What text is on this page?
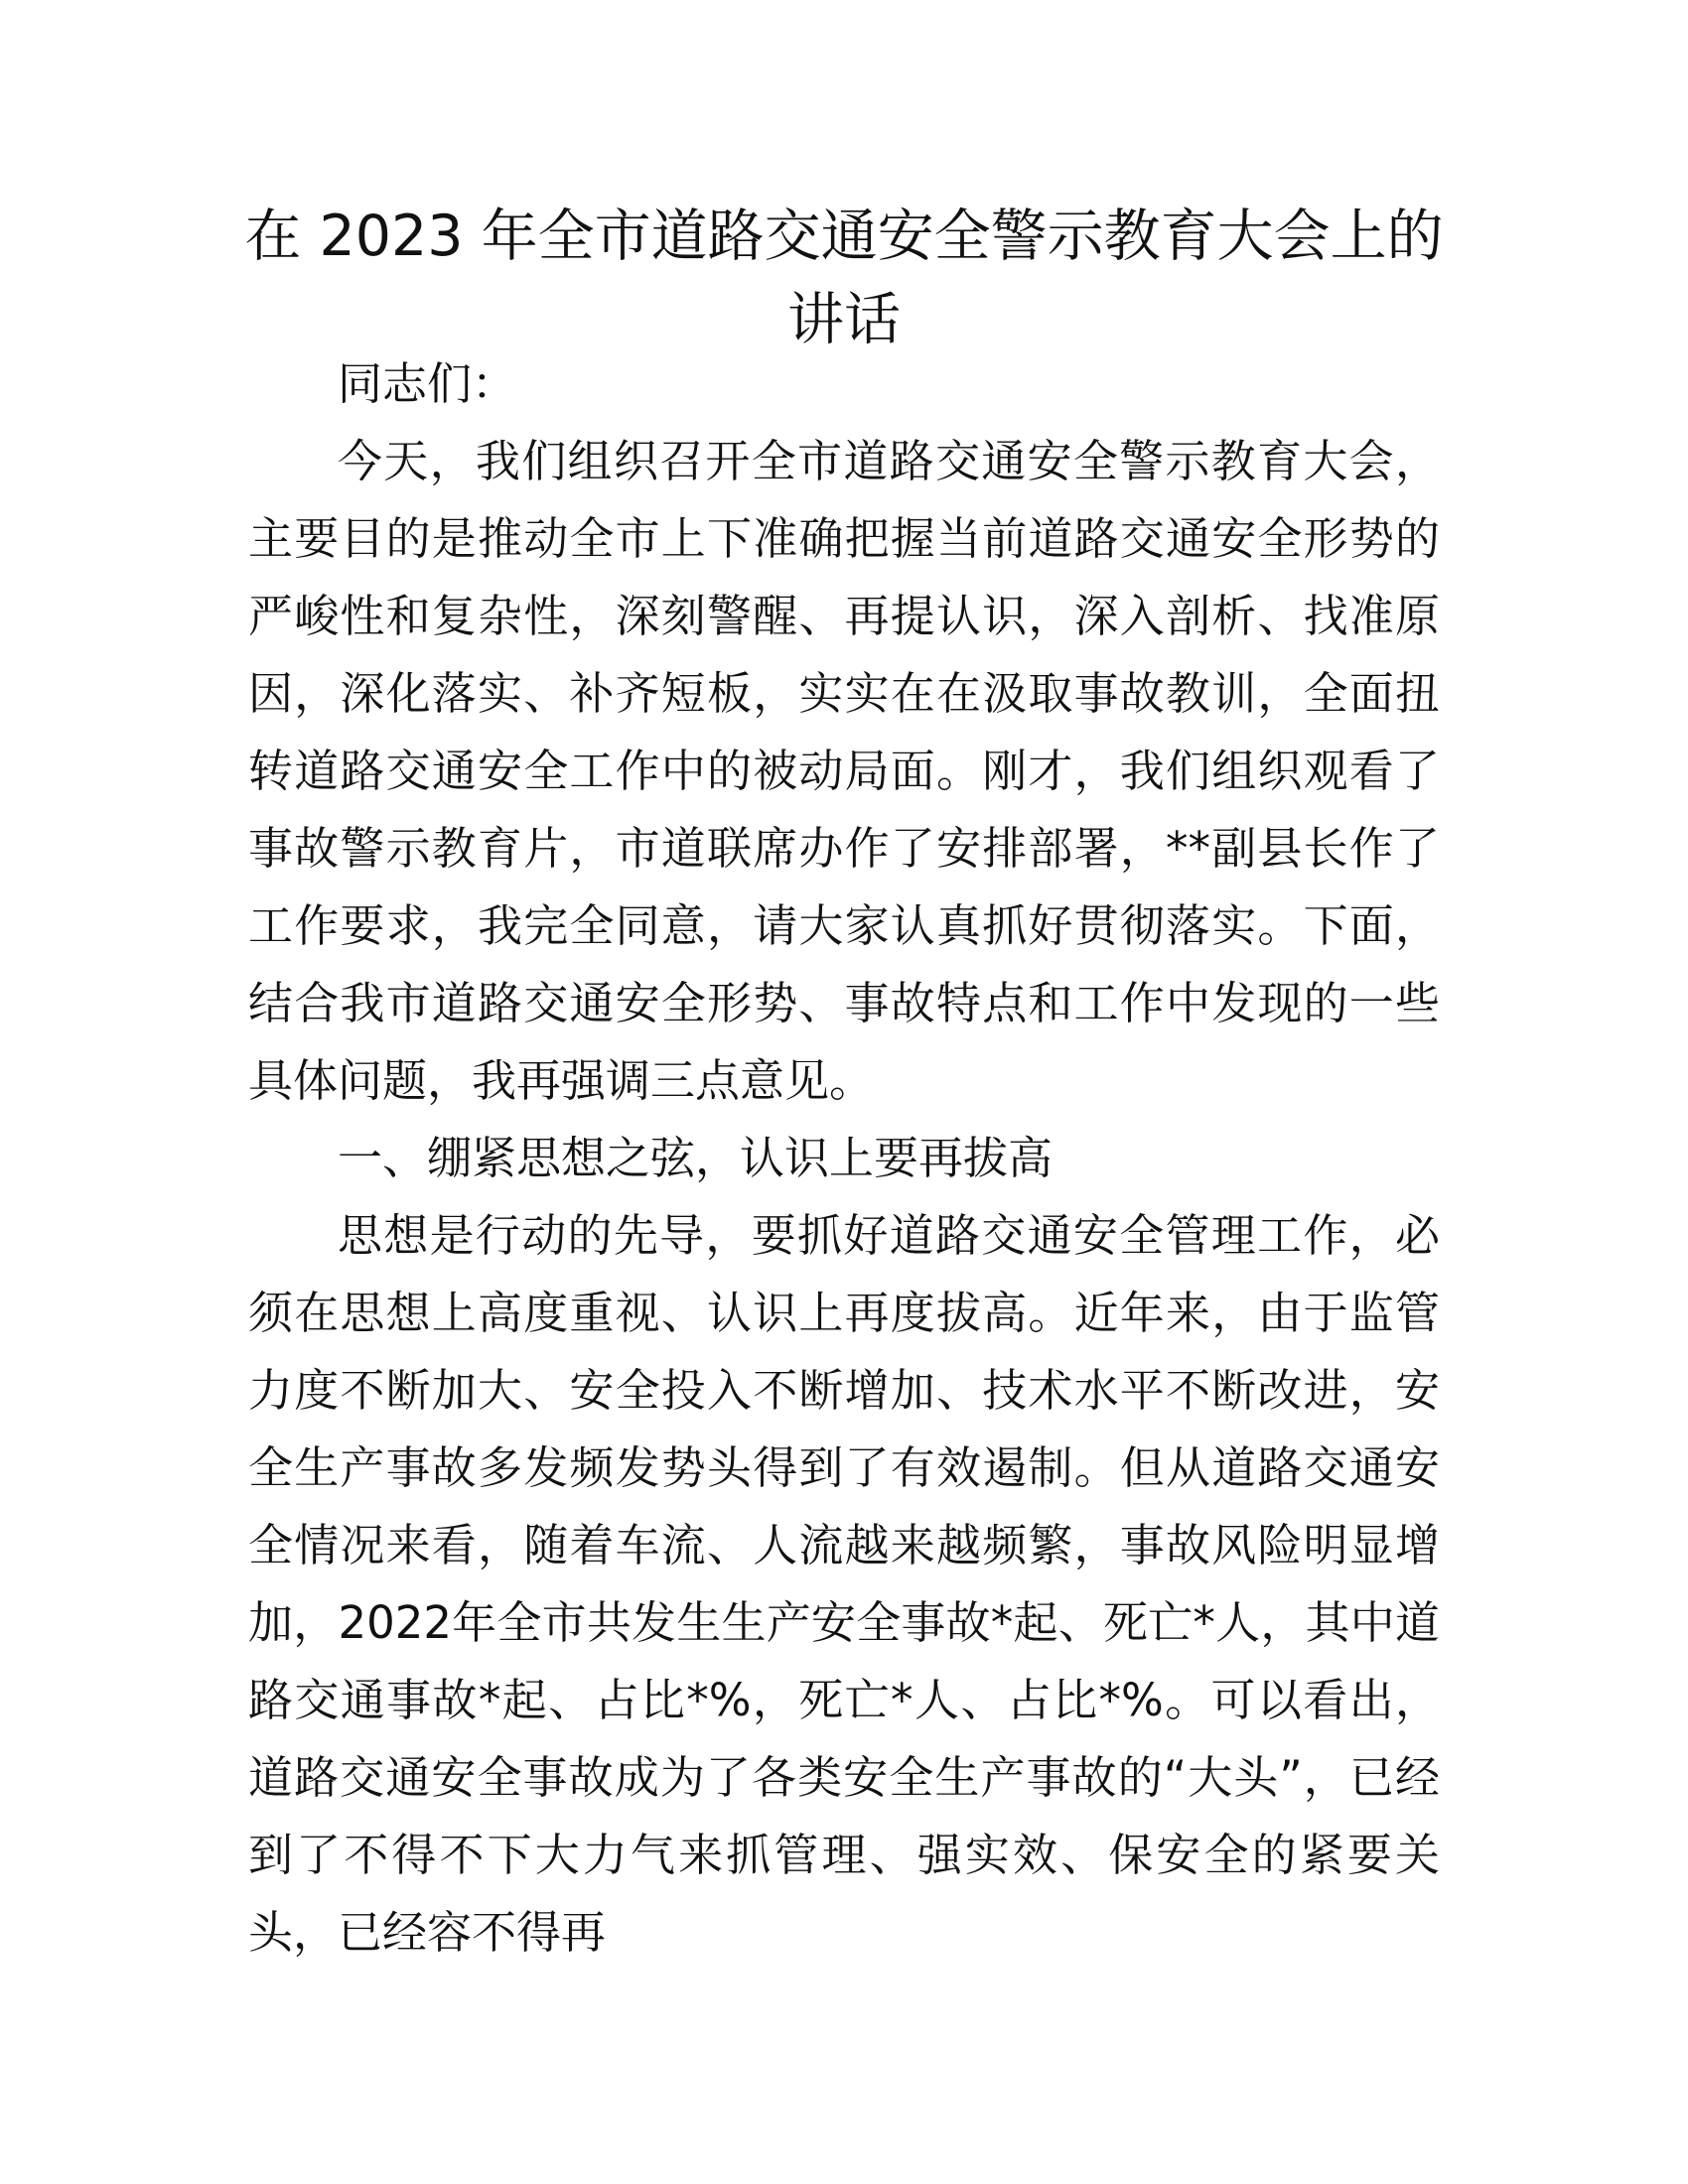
在 2023 年全市道路交通安全警示教育大会上的
讲话

同志们：

今天，我们组织召开全市道路交通安全警示教育大会，主要目的是推动全市上下准确把握当前道路交通安全形势的严峻性和复杂性，深刻警醒、再提认识，深入剖析、找准原因，深化落实、补齐短板，实实在在汲取事故教训，全面扭转道路交通安全工作中的被动局面。刚才，我们组织观看了事故警示教育片，市道联席办作了安排部署，**副县长作了工作要求，我完全同意，请大家认真抓好贯彻落实。下面，结合我市道路交通安全形势、事故特点和工作中发现的一些具体问题，我再强调三点意见。

一、绷紧思想之弦，认识上要再拔高

思想是行动的先导，要抓好道路交通安全管理工作，必须在思想上高度重视、认识上再度拔高。近年来，由于监管力度不断加大、安全投入不断增加、技术水平不断改进，安全生产事故多发频发势头得到了有效遏制。但从道路交通安全情况来看，随着车流、人流越来越频繁，事故风险明显增加，2022年全市共发生生产安全事故*起、死亡*人，其中道路交通事故*起、占比*%，死亡*人、占比*%。可以看出，道路交通安全事故成为了各类安全生产事故的“大头”，已经到了不得不下大力气来抓管理、强实效、保安全的紧要关头，已经容不得再
